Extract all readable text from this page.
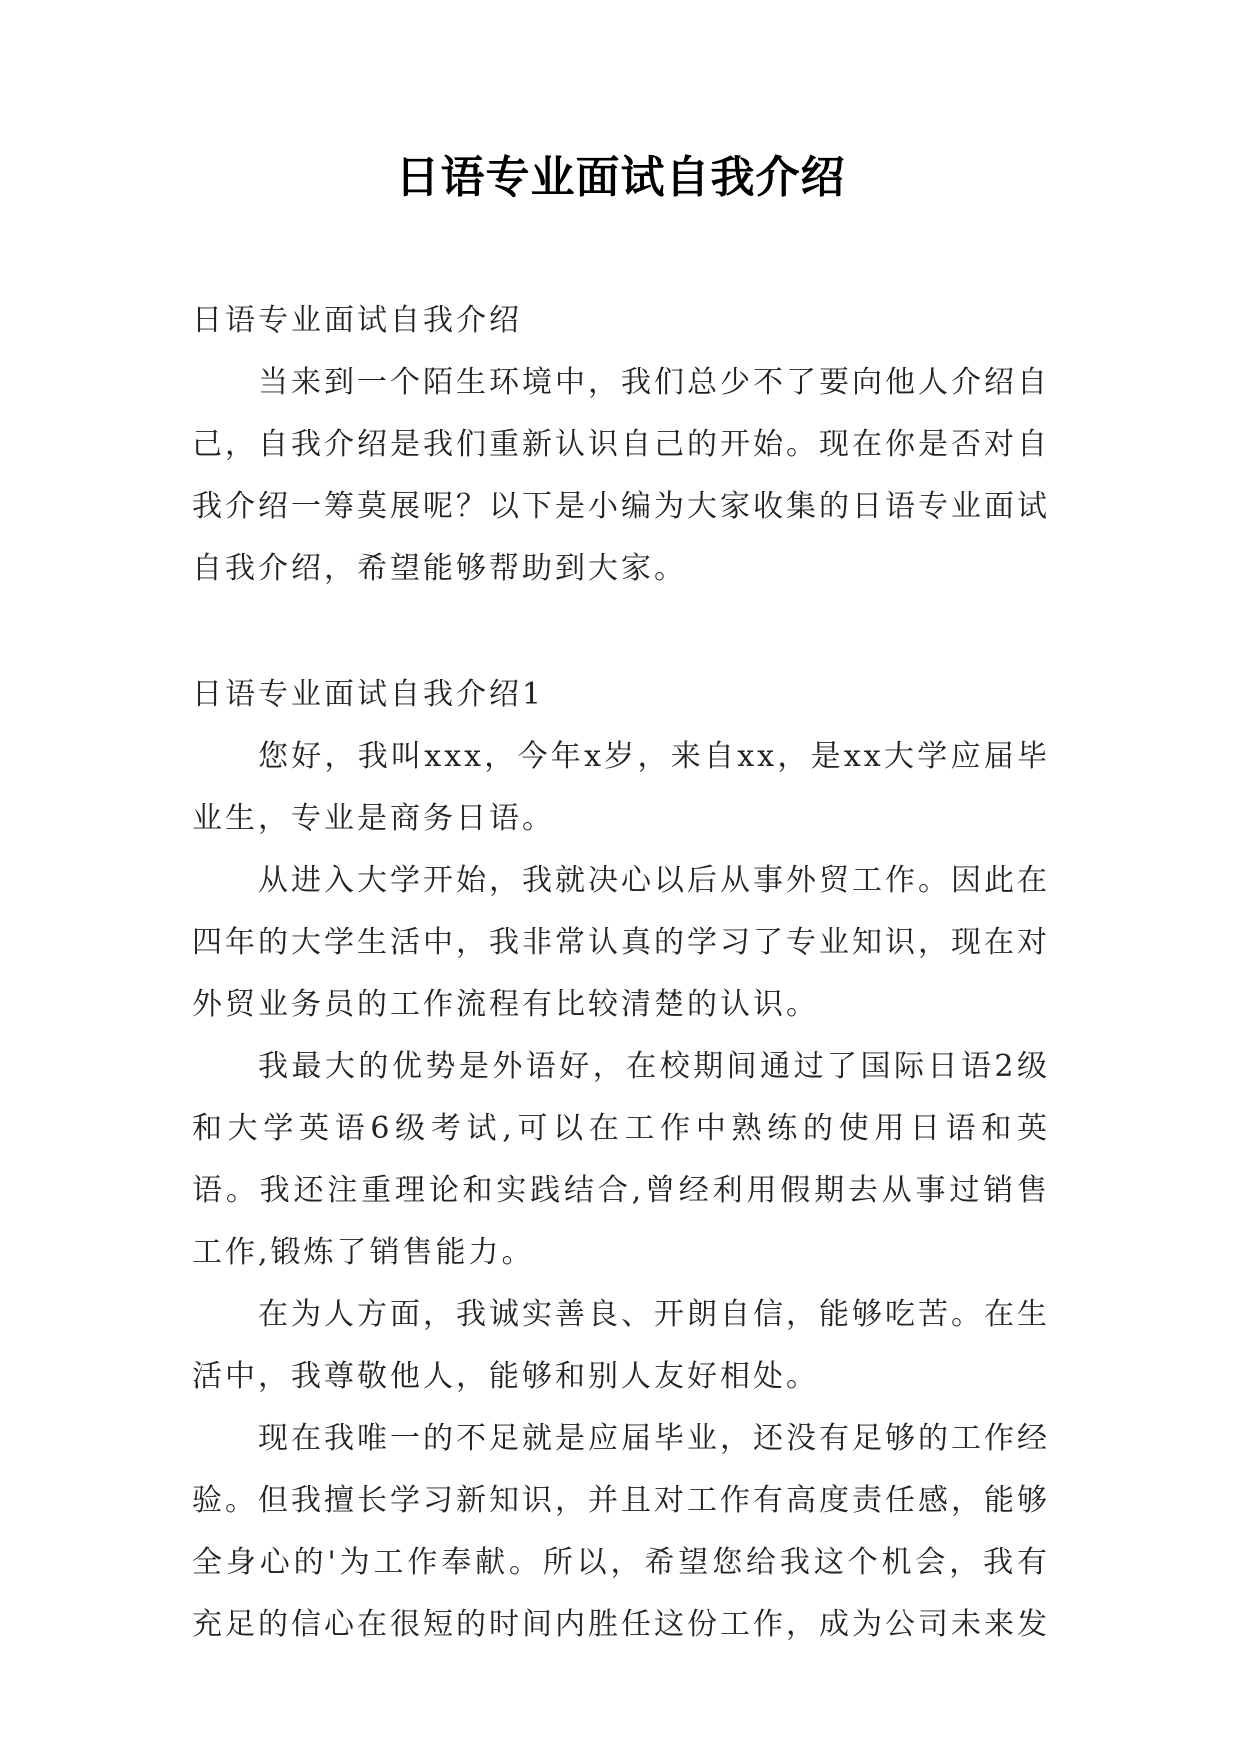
日语专业面试自我介绍

日语专业面试自我介绍

当来到一个陌生环境中，我们总少不了要向他人介绍自己，自我介绍是我们重新认识自己的开始。现在你是否对自我介绍一筹莫展呢？以下是小编为大家收集的日语专业面试自我介绍，希望能够帮助到大家。

日语专业面试自我介绍1

您好，我叫xxx，今年x岁，来自xx，是xx大学应届毕业生，专业是商务日语。

从进入大学开始，我就决心以后从事外贸工作。因此在四年的大学生活中，我非常认真的学习了专业知识，现在对外贸业务员的工作流程有比较清楚的认识。

我最大的优势是外语好，在校期间通过了国际日语2级和大学英语6级考试,可以在工作中熟练的使用日语和英语。我还注重理论和实践结合,曾经利用假期去从事过销售工作,锻炼了销售能力。

在为人方面，我诚实善良、开朗自信，能够吃苦。在生活中，我尊敬他人，能够和别人友好相处。

现在我唯一的不足就是应届毕业，还没有足够的工作经验。但我擅长学习新知识，并且对工作有高度责任感，能够全身心的'为工作奉献。所以，希望您给我这个机会，我有充足的信心在很短的时间内胜任这份工作，成为公司未来发
